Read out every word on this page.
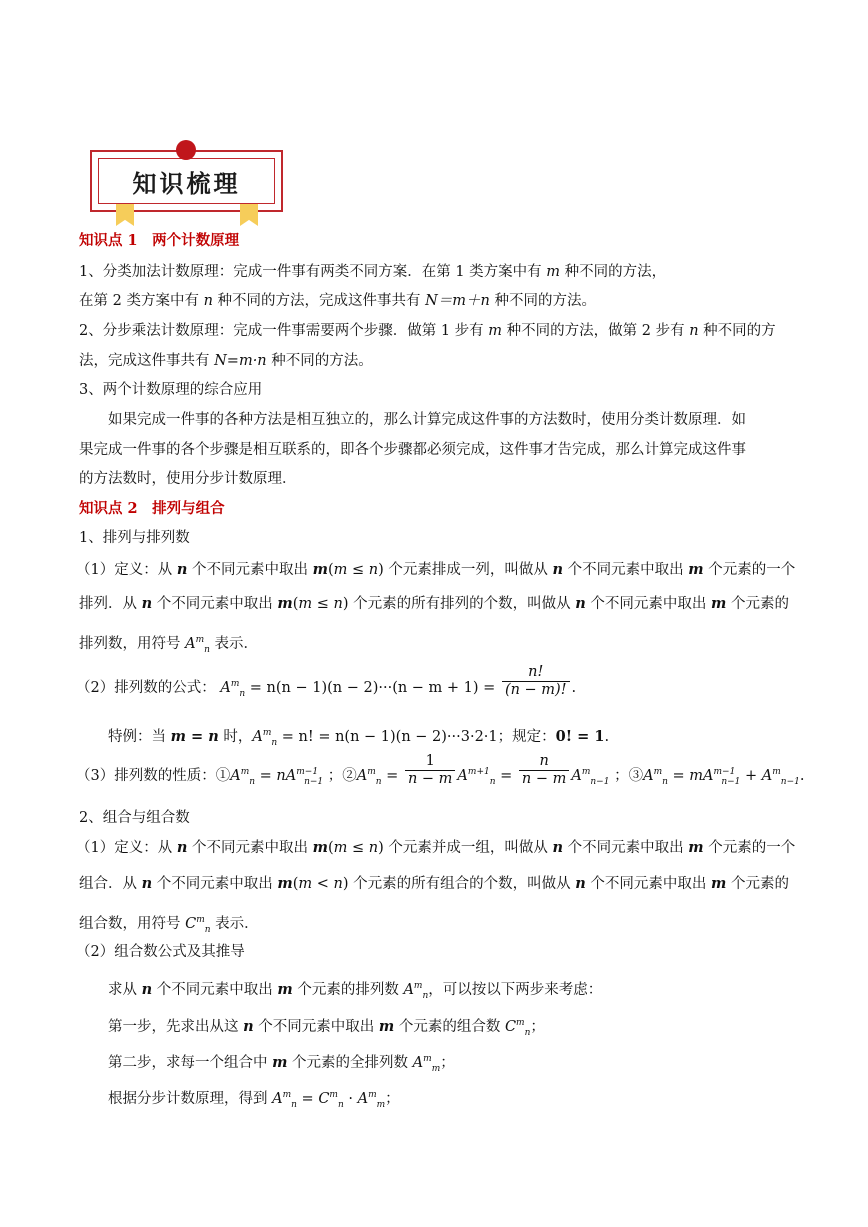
知识梳理
知识点 1　两个计数原理
1、分类加法计数原理：完成一件事有两类不同方案．在第 1 类方案中有 m 种不同的方法，
在第 2 类方案中有 n 种不同的方法，完成这件事共有 N＝m＋n 种不同的方法。
2、分步乘法计数原理：完成一件事需要两个步骤．做第 1 步有 m 种不同的方法，做第 2 步有 n 种不同的方
法，完成这件事共有 N=m·n 种不同的方法。
3、两个计数原理的综合应用
如果完成一件事的各种方法是相互独立的，那么计算完成这件事的方法数时，使用分类计数原理．如
果完成一件事的各个步骤是相互联系的，即各个步骤都必须完成，这件事才告完成，那么计算完成这件事
的方法数时，使用分步计数原理．
知识点 2　排列与组合
1、排列与排列数
（1）定义：从 n 个不同元素中取出 m(m ≤ n) 个元素排成一列，叫做从 n 个不同元素中取出 m 个元素的一个
排列．从 n 个不同元素中取出 m(m ≤ n) 个元素的所有排列的个数，叫做从 n 个不同元素中取出 m 个元素的
排列数，用符号 $A^m_n$ 表示．
（2）排列数的公式： $A^m_n = n(n - 1)(n - 2)\cdot\cdot\cdot(n - m + 1) = \frac{n!}{(n - m)!}$ .
特例：当 m = n 时，$A^m_n = n$! = n(n − 1)(n − 2)···3·2·1；规定：0! = 1.
（3）排列数的性质：$①A^m_n = nA^{m-1}_{n-1}$ ；$②A^m_n = \frac{1}{n - m} A^{m+1}_n = \frac{n}{n - m} A^m_{n-1}$ ；$③A^m_n = mA^{m-1}_{n-1} + A^m_{n-1}$.
2、组合与组合数
（1）定义：从 n 个不同元素中取出 m(m ≤ n) 个元素并成一组，叫做从 n 个不同元素中取出 m 个元素的一个
组合．从 n 个不同元素中取出 m(m < n) 个元素的所有组合的个数，叫做从 n 个不同元素中取出 m 个元素的
组合数，用符号 $C^m_n$ 表示．
（2）组合数公式及其推导
求从 n 个不同元素中取出 m 个元素的排列数 $A^m_n$，可以按以下两步来考虑：
第一步，先求出从这 n 个不同元素中取出 m 个元素的组合数 $C^m_n$；
第二步，求每一个组合中 m 个元素的全排列数 $A^m_m$；
根据分步计数原理，得到 $A^m_n = C^m_n \cdot A^m_m$；
